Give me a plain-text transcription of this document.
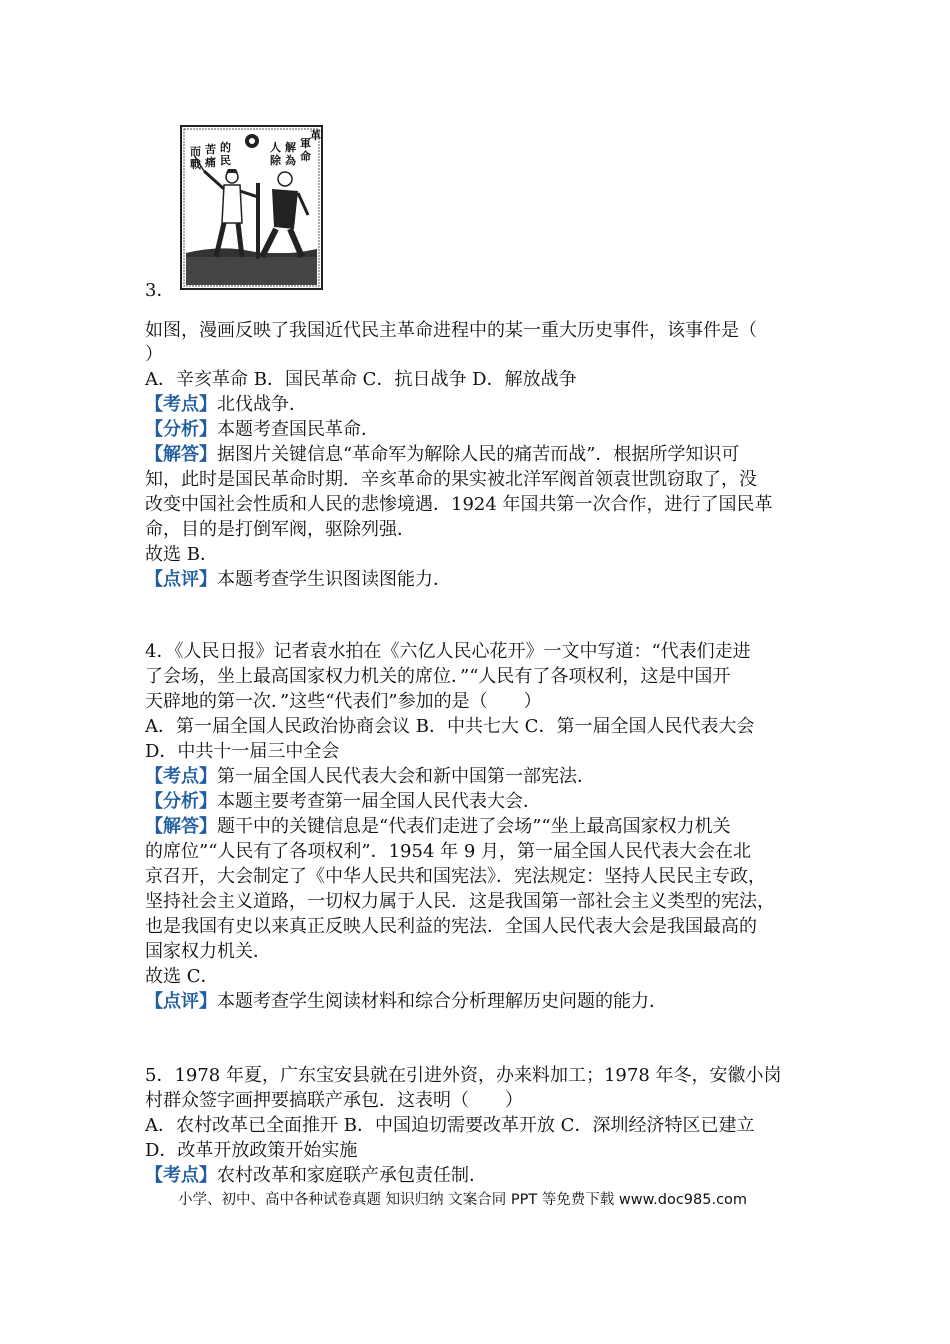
而
戰
苦
痛
的
民
人
除
解
為
軍
命
革
3．
如图，漫画反映了我国近代民主革命进程中的某一重大历史事件，该事件是（
）
A．辛亥革命 B．国民革命 C．抗日战争 D．解放战争
【考点】北伐战争．
【分析】本题考查国民革命．
【解答】据图片关键信息“革命军为解除人民的痛苦而战”．根据所学知识可
知，此时是国民革命时期．辛亥革命的果实被北洋军阀首领袁世凯窃取了，没
改变中国社会性质和人民的悲惨境遇．1924 年国共第一次合作，进行了国民革
命，目的是打倒军阀，驱除列强．
故选 B．
【点评】本题考查学生识图读图能力．
4．《人民日报》记者袁水拍在《六亿人民心花开》一文中写道：“代表们走进
了会场，坐上最高国家权力机关的席位．”“人民有了各项权利，这是中国开
天辟地的第一次．”这些“代表们”参加的是（　　）
A．第一届全国人民政治协商会议 B．中共七大 C．第一届全国人民代表大会
D．中共十一届三中全会
【考点】第一届全国人民代表大会和新中国第一部宪法．
【分析】本题主要考查第一届全国人民代表大会．
【解答】题干中的关键信息是“代表们走进了会场”“坐上最高国家权力机关
的席位”“人民有了各项权利”．1954 年 9 月，第一届全国人民代表大会在北
京召开，大会制定了《中华人民共和国宪法》．宪法规定：坚持人民民主专政，
坚持社会主义道路，一切权力属于人民．这是我国第一部社会主义类型的宪法，
也是我国有史以来真正反映人民利益的宪法．全国人民代表大会是我国最高的
国家权力机关．
故选 C．
【点评】本题考查学生阅读材料和综合分析理解历史问题的能力．
5．1978 年夏，广东宝安县就在引进外资，办来料加工；1978 年冬，安徽小岗
村群众签字画押要搞联产承包．这表明（　　）
A．农村改革已全面推开 B．中国迫切需要改革开放 C．深圳经济特区已建立
D．改革开放政策开始实施
【考点】农村改革和家庭联产承包责任制．
小学、初中、高中各种试卷真题 知识归纳 文案合同 PPT 等免费下载 www.doc985.com
